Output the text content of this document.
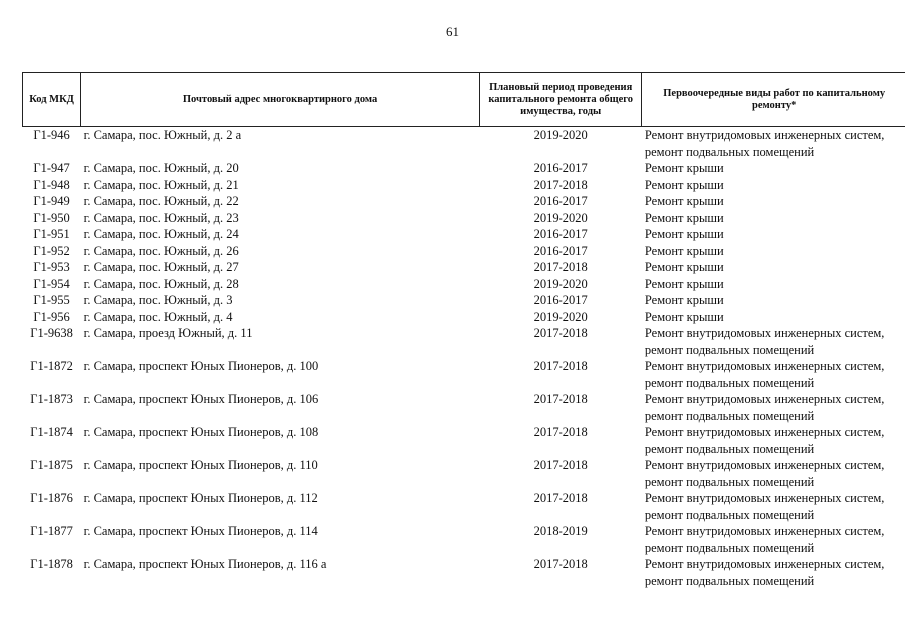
61
Код МКД	Почтовый адрес многоквартирного дома	Плановый период проведения капитального ремонта общего имущества, годы	Первоочередные виды работ по капитальному ремонту*
Г1-946	г. Самара, пос. Южный, д. 2 а	2019-2020	Ремонт внутридомовых инженерных систем,
ремонт подвальных помещений

Г1-947	г. Самара, пос. Южный, д. 20	2016-2017	Ремонт крыши

Г1-948	г. Самара, пос. Южный, д. 21	2017-2018	Ремонт крыши

Г1-949	г. Самара, пос. Южный, д. 22	2016-2017	Ремонт крыши

Г1-950	г. Самара, пос. Южный, д. 23	2019-2020	Ремонт крыши

Г1-951	г. Самара, пос. Южный, д. 24	2016-2017	Ремонт крыши

Г1-952	г. Самара, пос. Южный, д. 26	2016-2017	Ремонт крыши

Г1-953	г. Самара, пос. Южный, д. 27	2017-2018	Ремонт крыши

Г1-954	г. Самара, пос. Южный, д. 28	2019-2020	Ремонт крыши

Г1-955	г. Самара, пос. Южный, д. 3	2016-2017	Ремонт крыши

Г1-956	г. Самара, пос. Южный, д. 4	2019-2020	Ремонт крыши

Г1-9638	г. Самара, проезд Южный, д. 11	2017-2018	Ремонт внутридомовых инженерных систем,
ремонт подвальных помещений

Г1-1872	г. Самара, проспект Юных Пионеров, д. 100	2017-2018	Ремонт внутридомовых инженерных систем,
ремонт подвальных помещений

Г1-1873	г. Самара, проспект Юных Пионеров, д. 106	2017-2018	Ремонт внутридомовых инженерных систем,
ремонт подвальных помещений

Г1-1874	г. Самара, проспект Юных Пионеров, д. 108	2017-2018	Ремонт внутридомовых инженерных систем,
ремонт подвальных помещений

Г1-1875	г. Самара, проспект Юных Пионеров, д. 110	2017-2018	Ремонт внутридомовых инженерных систем,
ремонт подвальных помещений

Г1-1876	г. Самара, проспект Юных Пионеров, д. 112	2017-2018	Ремонт внутридомовых инженерных систем,
ремонт подвальных помещений

Г1-1877	г. Самара, проспект Юных Пионеров, д. 114	2018-2019	Ремонт внутридомовых инженерных систем,
ремонт подвальных помещений

Г1-1878	г. Самара, проспект Юных Пионеров, д. 116 а	2017-2018	Ремонт внутридомовых инженерных систем,
ремонт подвальных помещений
